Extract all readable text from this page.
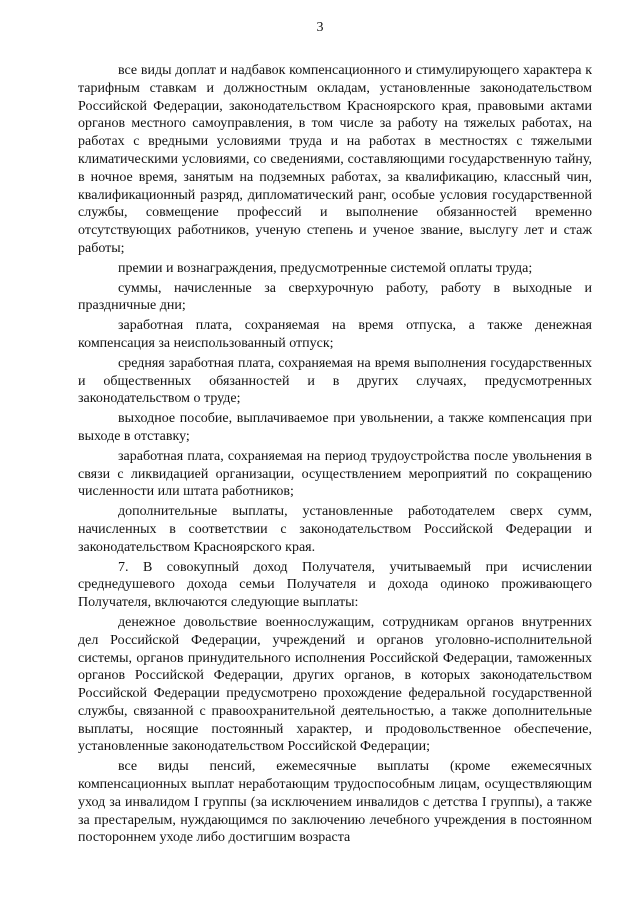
3

все виды доплат и надбавок компенсационного и стимулирующего характера к тарифным ставкам и должностным окладам, установленные законодательством Российской Федерации, законодательством Красноярского края, правовыми актами органов местного самоуправления, в том числе за работу на тяжелых работах, на работах с вредными условиями труда и на работах в местностях с тяжелыми климатическими условиями, со сведениями, составляющими государственную тайну, в ночное время, занятым на подземных работах, за квалификацию, классный чин, квалификационный разряд, дипломатический ранг, особые условия государственной службы, совмещение профессий и выполнение обязанностей временно отсутствующих работников, ученую степень и ученое звание, выслугу лет и стаж работы;

премии и вознаграждения, предусмотренные системой оплаты труда;

суммы, начисленные за сверхурочную работу, работу в выходные и праздничные дни;

заработная плата, сохраняемая на время отпуска, а также денежная компенсация за неиспользованный отпуск;

средняя заработная плата, сохраняемая на время выполнения государственных и общественных обязанностей и в других случаях, предусмотренных законодательством о труде;

выходное пособие, выплачиваемое при увольнении, а также компенсация при выходе в отставку;

заработная плата, сохраняемая на период трудоустройства после увольнения в связи с ликвидацией организации, осуществлением мероприятий по сокращению численности или штата работников;

дополнительные выплаты, установленные работодателем сверх сумм, начисленных в соответствии с законодательством Российской Федерации и законодательством Красноярского края.

7. В совокупный доход Получателя, учитываемый при исчислении среднедушевого дохода семьи Получателя и дохода одиноко проживающего Получателя, включаются следующие выплаты:

денежное довольствие военнослужащим, сотрудникам органов внутренних дел Российской Федерации, учреждений и органов уголовно-исполнительной системы, органов принудительного исполнения Российской Федерации, таможенных органов Российской Федерации, других органов, в которых законодательством Российской Федерации предусмотрено прохождение федеральной государственной службы, связанной с правоохранительной деятельностью, а также дополнительные выплаты, носящие постоянный характер, и продовольственное обеспечение, установленные законодательством Российской Федерации;

все виды пенсий, ежемесячные выплаты (кроме ежемесячных компенсационных выплат неработающим трудоспособным лицам, осуществляющим уход за инвалидом I группы (за исключением инвалидов с детства I группы), а также за престарелым, нуждающимся по заключению лечебного учреждения в постоянном постороннем уходе либо достигшим возраста
